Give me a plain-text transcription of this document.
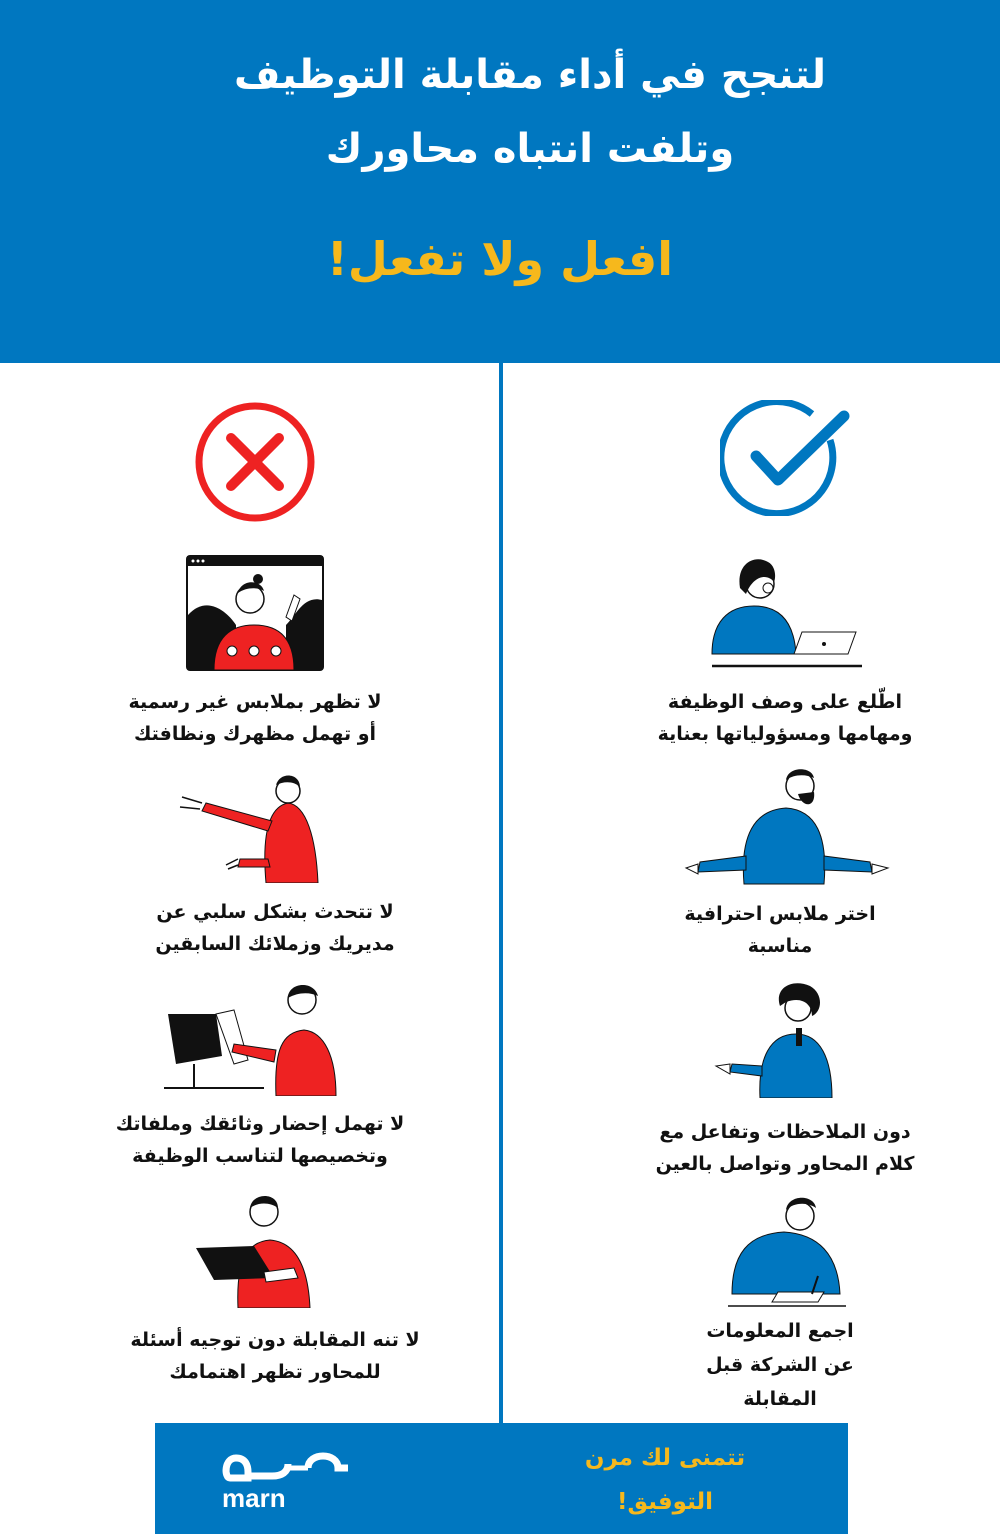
لتنجح في أداء مقابلة التوظيف
وتلفت انتباه محاورك
افعل ولا تفعل!
لا تظهر بملابس غير رسمية
أو تهمل مظهرك ونظافتك
لا تتحدث بشكل سلبي عن
مديريك وزملائك السابقين
لا تهمل إحضار وثائقك وملفاتك
وتخصيصها لتناسب الوظيفة
لا تنه المقابلة دون توجيه أسئلة
للمحاور تظهر اهتمامك
اطّلع على وصف الوظيفة
ومهامها ومسؤولياتها بعناية
اختر ملابس احترافية
مناسبة
دون الملاحظات وتفاعل مع
كلام المحاور وتواصل بالعين
اجمع المعلومات
عن الشركة قبل
المقابلة
marn
تتمنى لك مرن
التوفيق!
